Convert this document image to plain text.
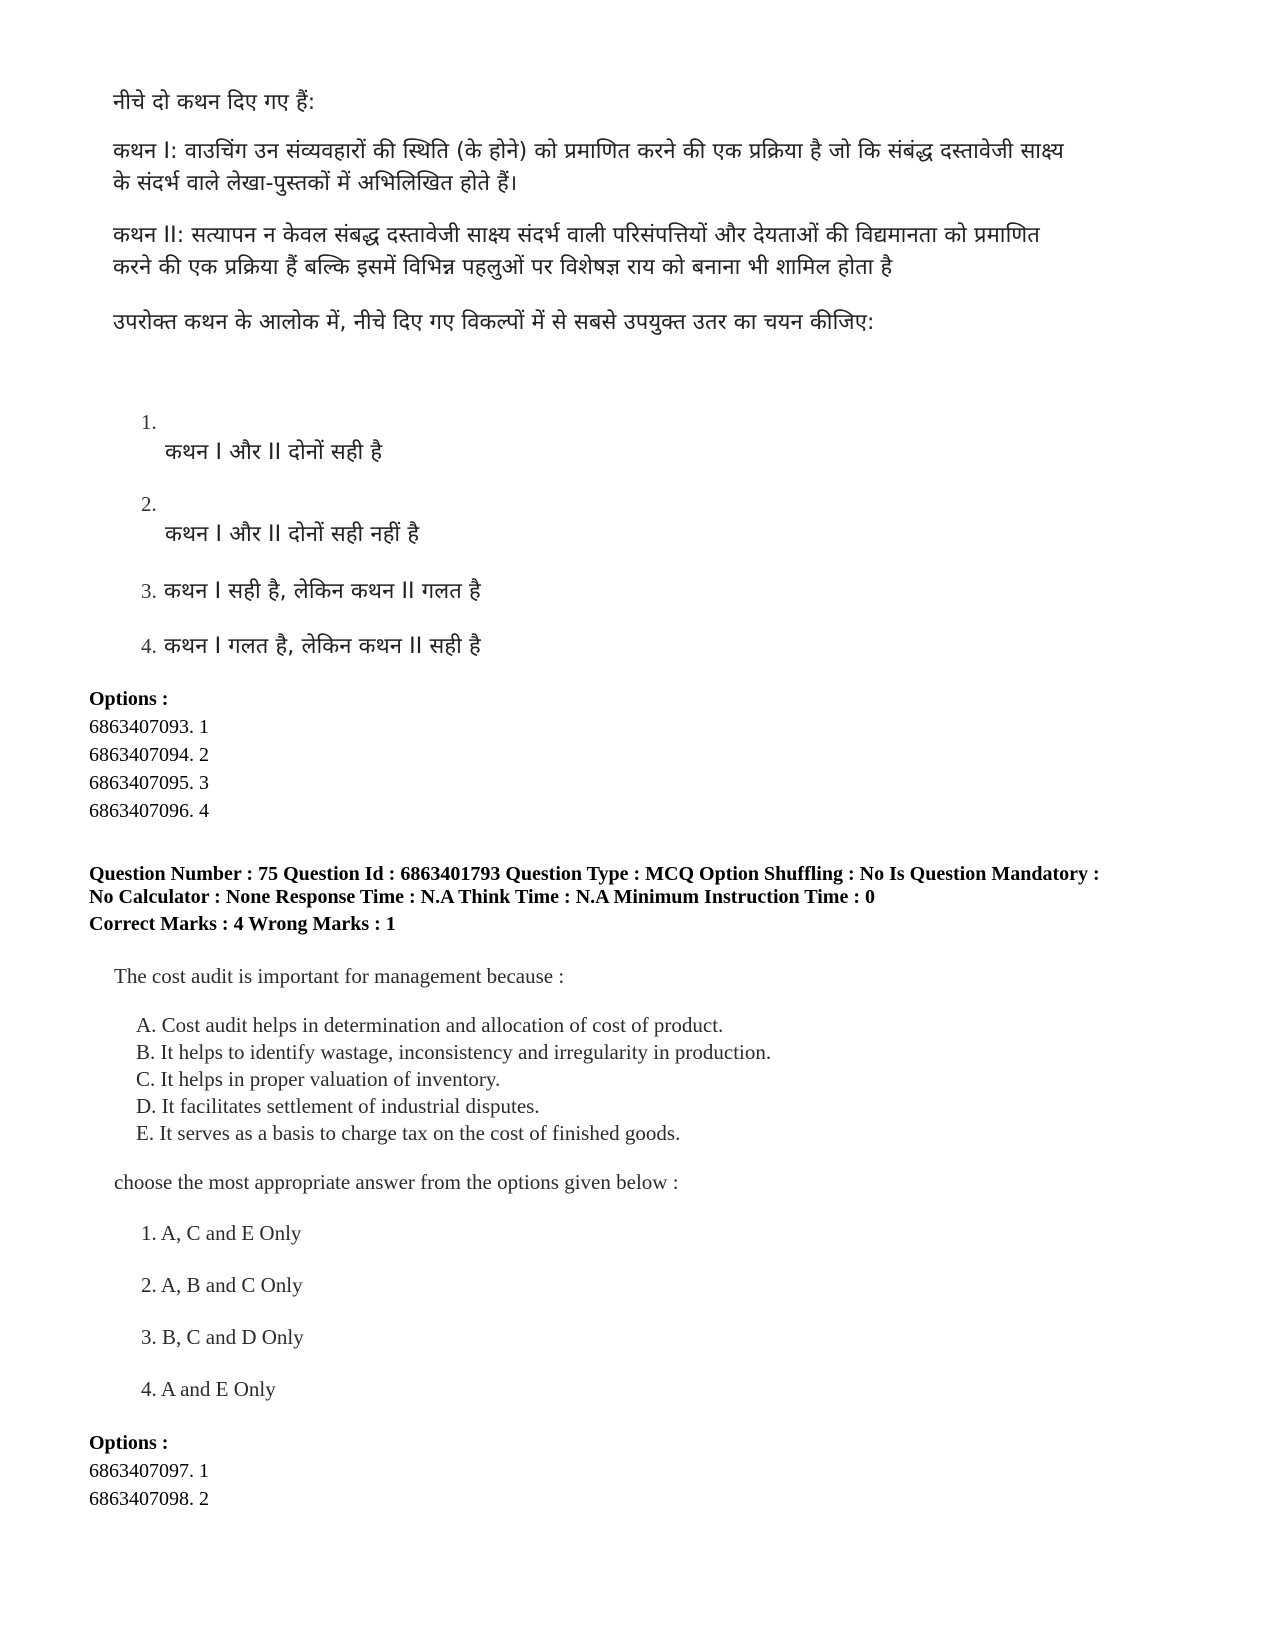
नीचे दो कथन दिए गए हैं:
कथन I: वाउचिंग उन संव्यवहारों की स्थिति (के होने) को प्रमाणित करने की एक प्रक्रिया है जो कि संबंद्ध दस्तावेजी साक्ष्य
के संदर्भ वाले लेखा-पुस्तकों में अभिलिखित होते हैं।
कथन II: सत्यापन न केवल संबद्ध दस्तावेजी साक्ष्य संदर्भ वाली परिसंपत्तियों और देयताओं की विद्यमानता को प्रमाणित
करने की एक प्रक्रिया हैं बल्कि इसमें विभिन्न पहलुओं पर विशेषज्ञ राय को बनाना भी शामिल होता है
उपरोक्त कथन के आलोक में, नीचे दिए गए विकल्पों में से सबसे उपयुक्त उतर का चयन कीजिए:
1.
कथन I और II दोनों सही है
2.
कथन I और II दोनों सही नहीं है
3. कथन I सही है, लेकिन कथन II गलत है
4. कथन I गलत है, लेकिन कथन II सही है
Options :
6863407093. 1
6863407094. 2
6863407095. 3
6863407096. 4
Question Number : 75 Question Id : 6863401793 Question Type : MCQ Option Shuffling : No Is Question Mandatory :
No Calculator : None Response Time : N.A Think Time : N.A Minimum Instruction Time : 0
Correct Marks : 4 Wrong Marks : 1
The cost audit is important for management because :
A. Cost audit helps in determination and allocation of cost of product.
B. It helps to identify wastage, inconsistency and irregularity in production.
C. It helps in proper valuation of inventory.
D. It facilitates settlement of industrial disputes.
E. It serves as a basis to charge tax on the cost of finished goods.
choose the most appropriate answer from the options given below :
1. A, C and E Only
2. A, B and C Only
3. B, C and D Only
4. A and E Only
Options :
6863407097. 1
6863407098. 2
